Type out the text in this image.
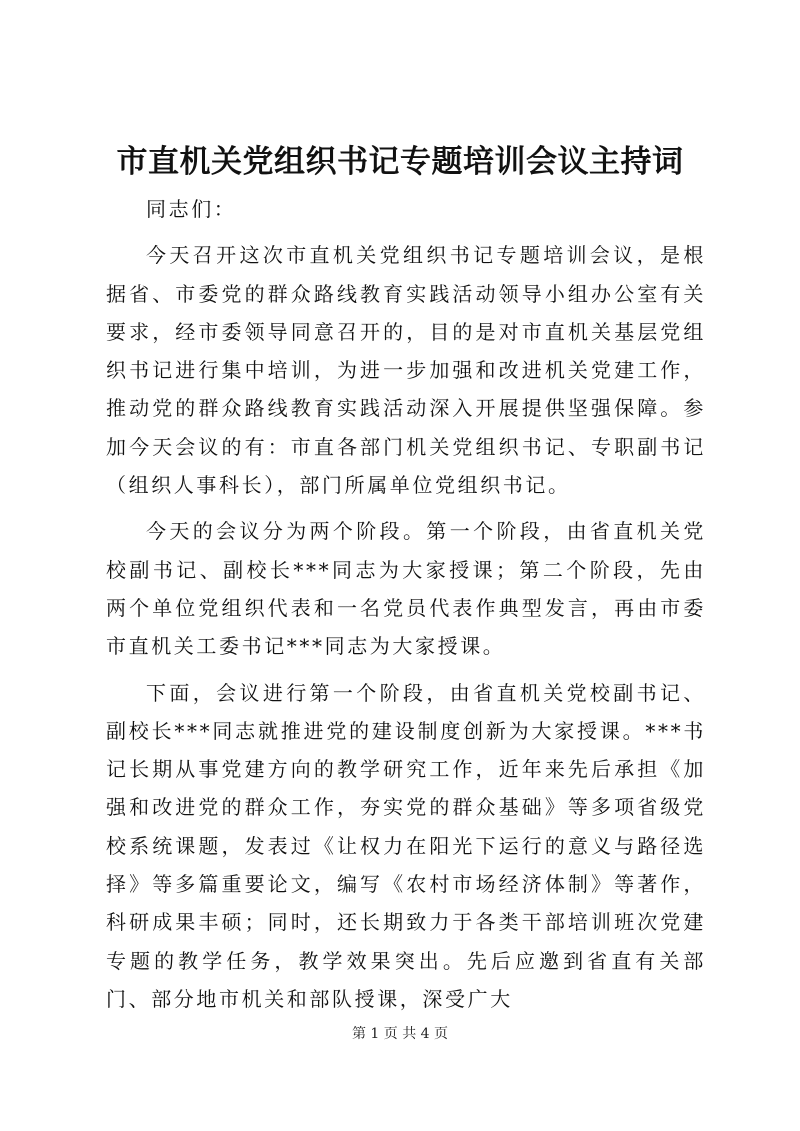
市直机关党组织书记专题培训会议主持词

同志们：

今天召开这次市直机关党组织书记专题培训会议，是根据省、市委党的群众路线教育实践活动领导小组办公室有关要求，经市委领导同意召开的，目的是对市直机关基层党组织书记进行集中培训，为进一步加强和改进机关党建工作，推动党的群众路线教育实践活动深入开展提供坚强保障。参加今天会议的有：市直各部门机关党组织书记、专职副书记（组织人事科长），部门所属单位党组织书记。

今天的会议分为两个阶段。第一个阶段，由省直机关党校副书记、副校长***同志为大家授课；第二个阶段，先由两个单位党组织代表和一名党员代表作典型发言，再由市委市直机关工委书记***同志为大家授课。

下面，会议进行第一个阶段，由省直机关党校副书记、副校长***同志就推进党的建设制度创新为大家授课。***书记长期从事党建方向的教学研究工作，近年来先后承担《加强和改进党的群众工作，夯实党的群众基础》等多项省级党校系统课题，发表过《让权力在阳光下运行的意义与路径选择》等多篇重要论文，编写《农村市场经济体制》等著作，科研成果丰硕；同时，还长期致力于各类干部培训班次党建专题的教学任务，教学效果突出。先后应邀到省直有关部门、部分地市机关和部队授课，深受广大

第 1 页 共 4 页
